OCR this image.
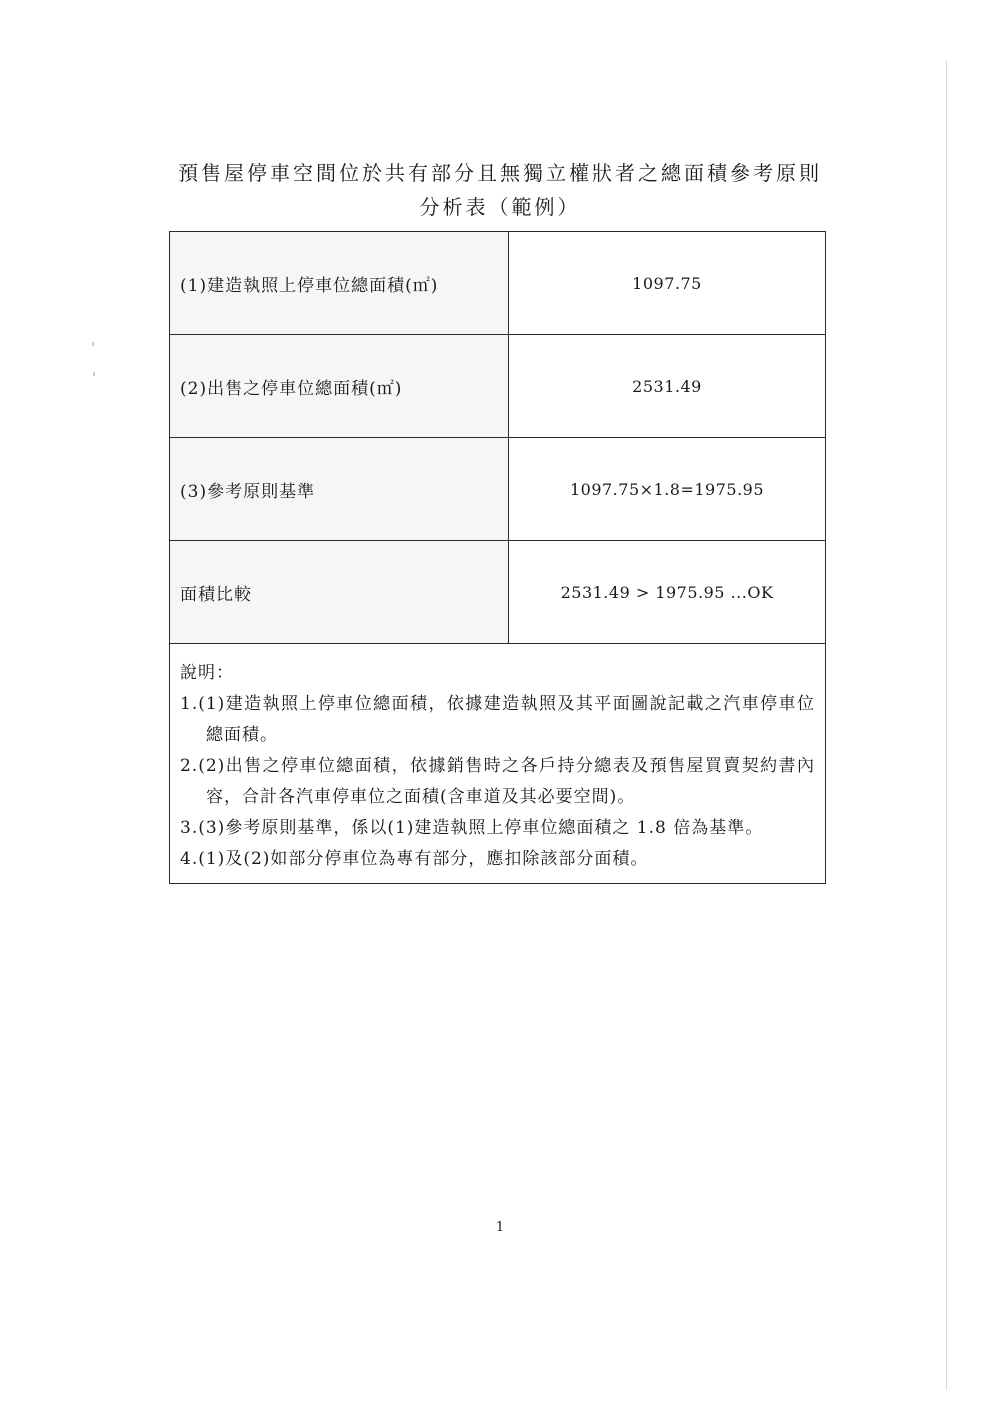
預售屋停車空間位於共有部分且無獨立權狀者之總面積參考原則
分析表（範例）
(1)建造執照上停車位總面積(㎡)	1097.75
(2)出售之停車位總面積(㎡)	2531.49
(3)參考原則基準	1097.75×1.8=1975.95
面積比較	2531.49 > 1975.95 ...OK

說明：
1.(1)建造執照上停車位總面積，依據建造執照及其平面圖說記載之汽車停車位總面積。
2.(2)出售之停車位總面積，依據銷售時之各戶持分總表及預售屋買賣契約書內容，合計各汽車停車位之面積(含車道及其必要空間)。
3.(3)參考原則基準，係以(1)建造執照上停車位總面積之 1.8 倍為基準。
4.(1)及(2)如部分停車位為專有部分，應扣除該部分面積。	
1
